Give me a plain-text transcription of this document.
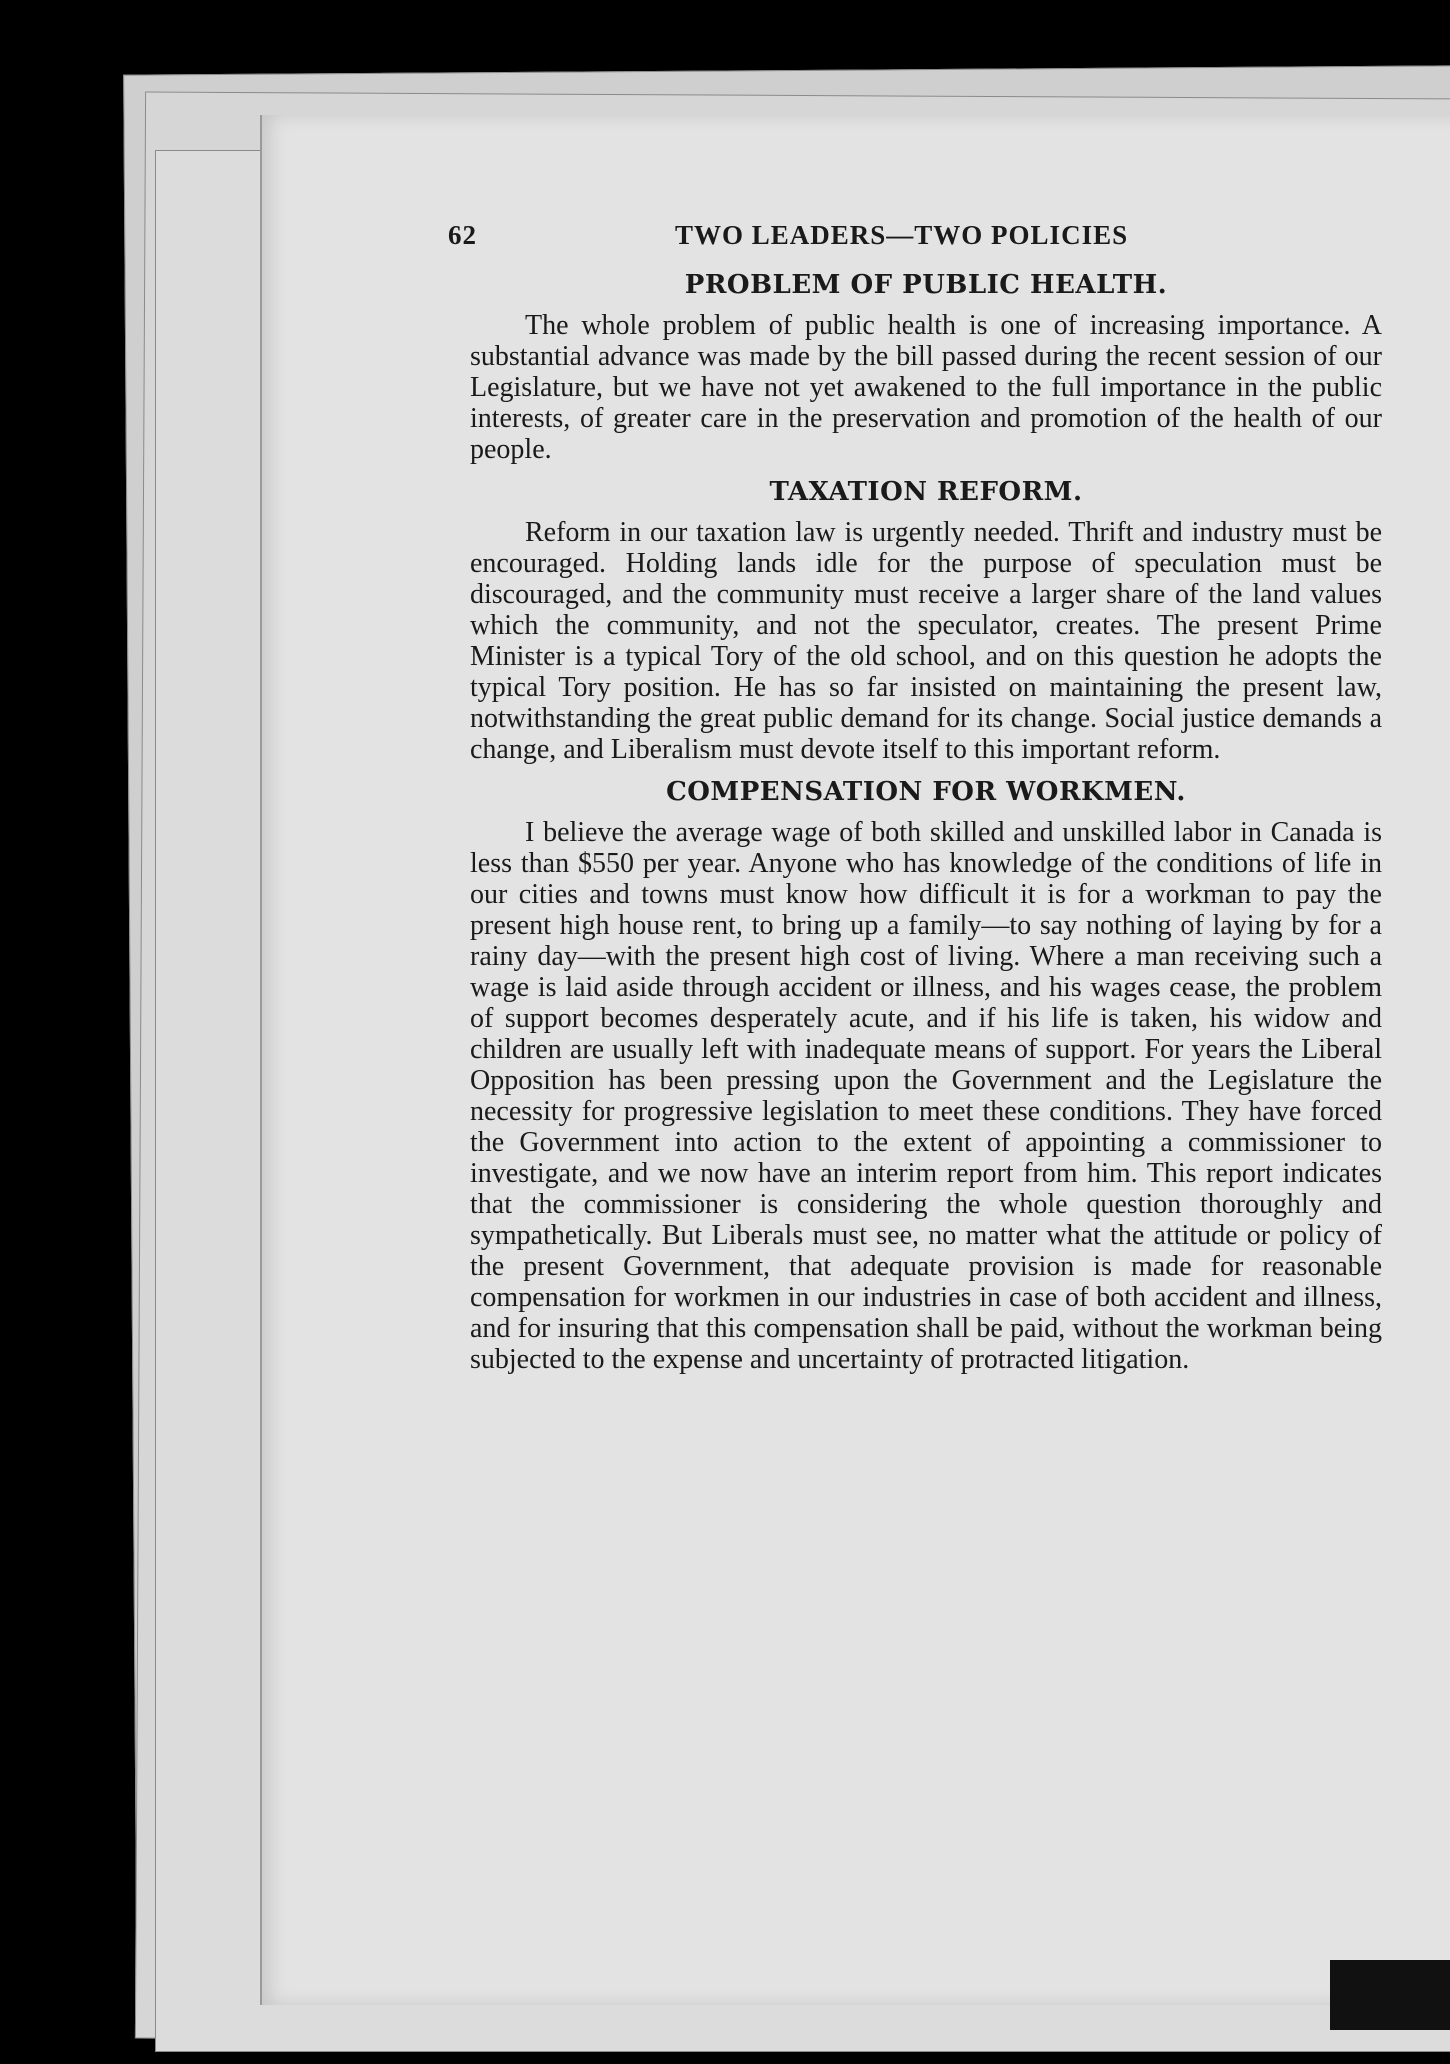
62	TWO LEADERS—TWO POLICIES
PROBLEM OF PUBLIC HEALTH.

The whole problem of public health is one of increasing importance. A substantial advance was made by the bill passed during the recent session of our Legislature, but we have not yet awakened to the full importance in the public interests, of greater care in the preservation and promotion of the health of our people.

TAXATION REFORM.

Reform in our taxation law is urgently needed. Thrift and industry must be encouraged. Holding lands idle for the purpose of speculation must be discouraged, and the community must receive a larger share of the land values which the community, and not the speculator, creates. The present Prime Minister is a typical Tory of the old school, and on this question he adopts the typical Tory position. He has so far insisted on maintaining the present law, notwithstanding the great public demand for its change. Social justice demands a change, and Liberalism must devote itself to this important reform.

COMPENSATION FOR WORKMEN.

I believe the average wage of both skilled and unskilled labor in Canada is less than $550 per year. Anyone who has knowledge of the conditions of life in our cities and towns must know how difficult it is for a workman to pay the present high house rent, to bring up a family—to say nothing of laying by for a rainy day—with the present high cost of living. Where a man receiving such a wage is laid aside through accident or illness, and his wages cease, the problem of support becomes desperately acute, and if his life is taken, his widow and children are usually left with inadequate means of support. For years the Liberal Opposition has been pressing upon the Government and the Legislature the necessity for progressive legislation to meet these conditions. They have forced the Government into action to the extent of appointing a commissioner to investigate, and we now have an interim report from him. This report indicates that the commissioner is considering the whole question thoroughly and sympathetically. But Liberals must see, no matter what the attitude or policy of the present Government, that adequate provision is made for reasonable compensation for workmen in our industries in case of both accident and illness, and for insuring that this compensation shall be paid, without the workman being subjected to the expense and uncertainty of protracted litigation.
